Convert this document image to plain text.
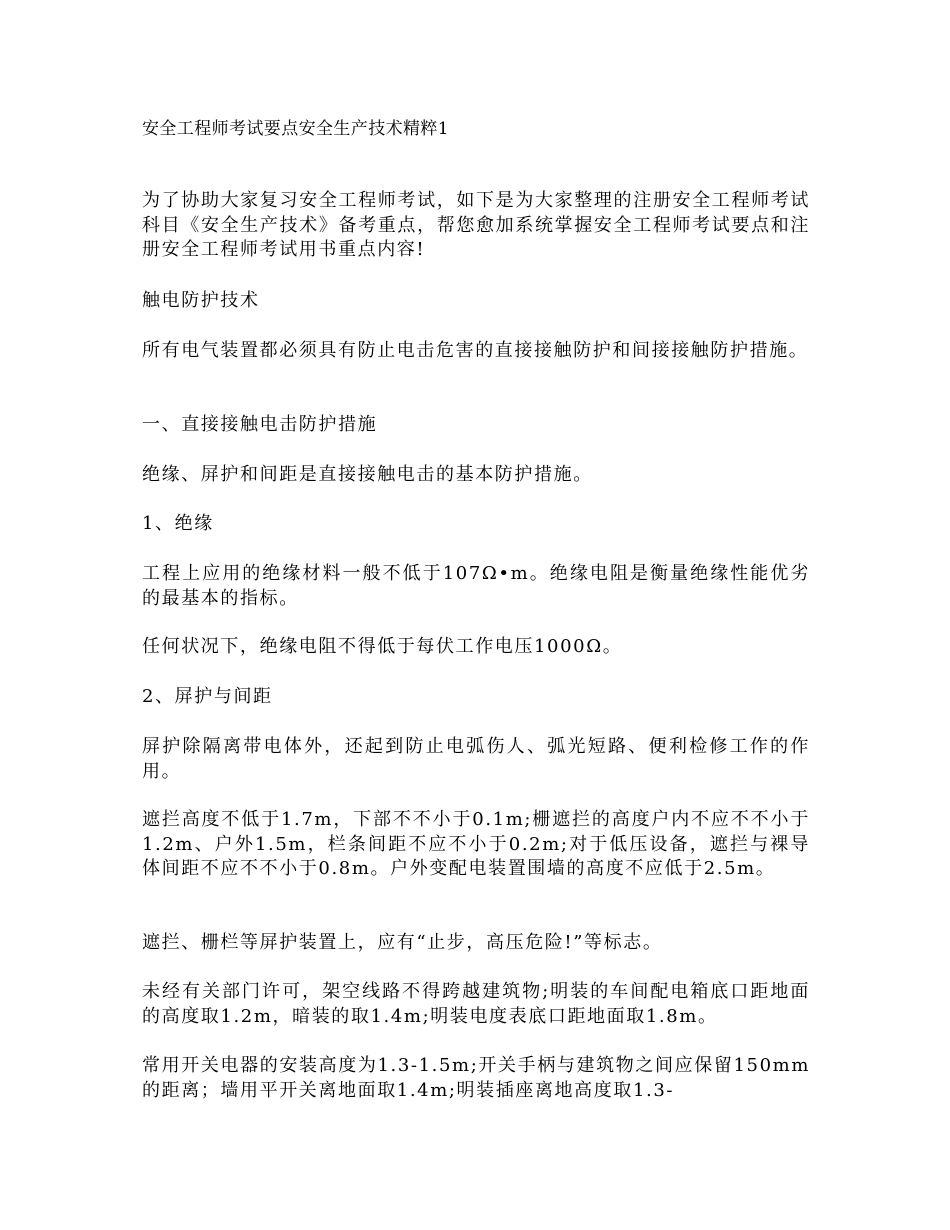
安全工程师考试要点安全生产技术精粹1
为了协助大家复习安全工程师考试，如下是为大家整理的注册安全工程师考试科目《安全生产技术》备考重点，帮您愈加系统掌握安全工程师考试要点和注册安全工程师考试用书重点内容!
触电防护技术
所有电气装置都必须具有防止电击危害的直接接触防护和间接接触防护措施。
一、直接接触电击防护措施
绝缘、屏护和间距是直接接触电击的基本防护措施。
1、绝缘
工程上应用的绝缘材料一般不低于107Ω•m。绝缘电阻是衡量绝缘性能优劣的最基本的指标。
任何状况下，绝缘电阻不得低于每伏工作电压1000Ω。
2、屏护与间距
屏护除隔离带电体外，还起到防止电弧伤人、弧光短路、便利检修工作的作用。
遮拦高度不低于1.7m，下部不不小于0.1m;栅遮拦的高度户内不应不不小于1.2m、户外1.5m，栏条间距不应不小于0.2m;对于低压设备，遮拦与裸导体间距不应不不小于0.8m。户外变配电装置围墙的高度不应低于2.5m。
遮拦、栅栏等屏护装置上，应有“止步，高压危险!”等标志。
未经有关部门许可，架空线路不得跨越建筑物;明装的车间配电箱底口距地面的高度取1.2m，暗装的取1.4m;明装电度表底口距地面取1.8m。
常用开关电器的安装高度为1.3-1.5m;开关手柄与建筑物之间应保留150mm的距离；墙用平开关离地面取1.4m;明装插座离地高度取1.3-
